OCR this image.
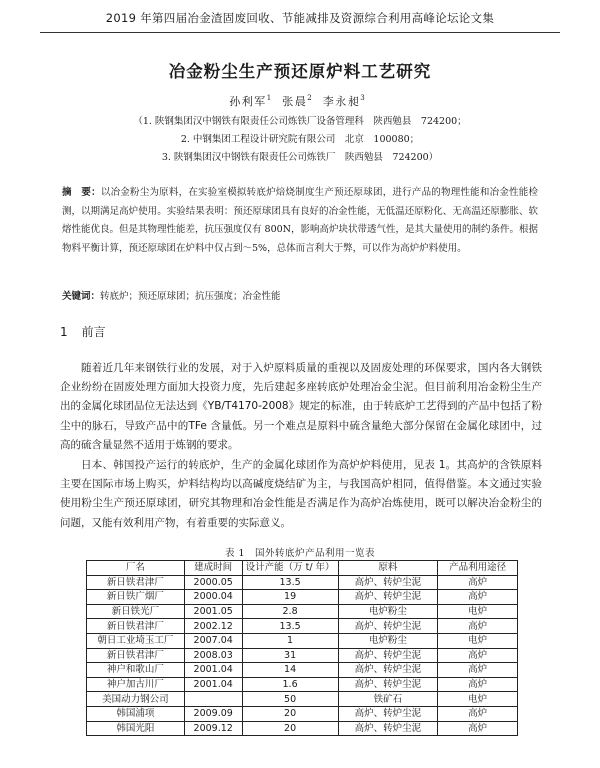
2019 年第四届冶金渣固废回收、节能减排及资源综合利用高峰论坛论文集
冶金粉尘生产预还原炉料工艺研究
孙利军$^1$ 张晨$^2$ 李永昶$^3$
（1. 陕钢集团汉中钢铁有限责任公司炼铁厂设备管理科　陕西勉县　724200；
2. 中钢集团工程设计研究院有限公司　北京　100080；
3. 陕钢集团汉中钢铁有限责任公司炼铁厂　陕西勉县　724200）
摘　要：以冶金粉尘为原料，在实验室模拟转底炉焙烧制度生产预还原球团，进行产品的物理性能和冶金性能检测，以期满足高炉使用。实验结果表明：预还原球团具有良好的冶金性能，无低温还原粉化、无高温还原膨胀、软熔性能优良。但是其物理性能差，抗压强度仅有 800N，影响高炉块状带透气性，是其大量使用的制约条件。根据物料平衡计算，预还原球团在炉料中仅占到～5%，总体而言利大于弊，可以作为高炉炉料使用。
关键词：转底炉；预还原球团；抗压强度；冶金性能
1 前言
随着近几年来钢铁行业的发展，对于入炉原料质量的重视以及固废处理的环保要求，国内各大钢铁企业纷纷在固废处理方面加大投资力度，先后建起多座转底炉处理冶金尘泥。但目前利用冶金粉尘生产出的金属化球团品位无法达到《YB/T4170-2008》规定的标准，由于转底炉工艺得到的产品中包括了粉尘中的脉石，导致产品中的TFe 含量低。另一个难点是原料中硫含量绝大部分保留在金属化球团中，过高的硫含量显然不适用于炼钢的要求。
日本、韩国投产运行的转底炉，生产的金属化球团作为高炉炉料使用，见表 1。其高炉的含铁原料主要在国际市场上购买，炉料结构均以高碱度烧结矿为主，与我国高炉相同，值得借鉴。本文通过实验使用粉尘生产预还原球团，研究其物理和冶金性能是否满足作为高炉冶炼使用，既可以解决冶金粉尘的问题，又能有效利用产物，有着重要的实际意义。
表 1　国外转底炉产品利用一览表
厂名	建成时间	设计产能（万 t/ 年）	原料	产品利用途径
新日铁君津厂	2000.05	13.5	高炉、转炉尘泥	高炉
新日铁广烟厂	2000.04	19	高炉、转炉尘泥	高炉
新日铁光厂	2001.05	2.8	电炉粉尘	电炉
新日铁君津厂	2002.12	13.5	高炉、转炉尘泥	高炉
朝日工业埼玉工厂	2007.04	1	电炉粉尘	电炉
新日铁君津厂	2008.03	31	高炉、转炉尘泥	高炉
神户和歌山厂	2001.04	14	高炉、转炉尘泥	高炉
神户加古川厂	2001.04	1.6	高炉、转炉尘泥	高炉
美国动力钢公司		50	铁矿石	电炉
韩国浦项	2009.09	20	高炉、转炉尘泥	高炉
韩国光阳	2009.12	20	高炉、转炉尘泥	高炉
